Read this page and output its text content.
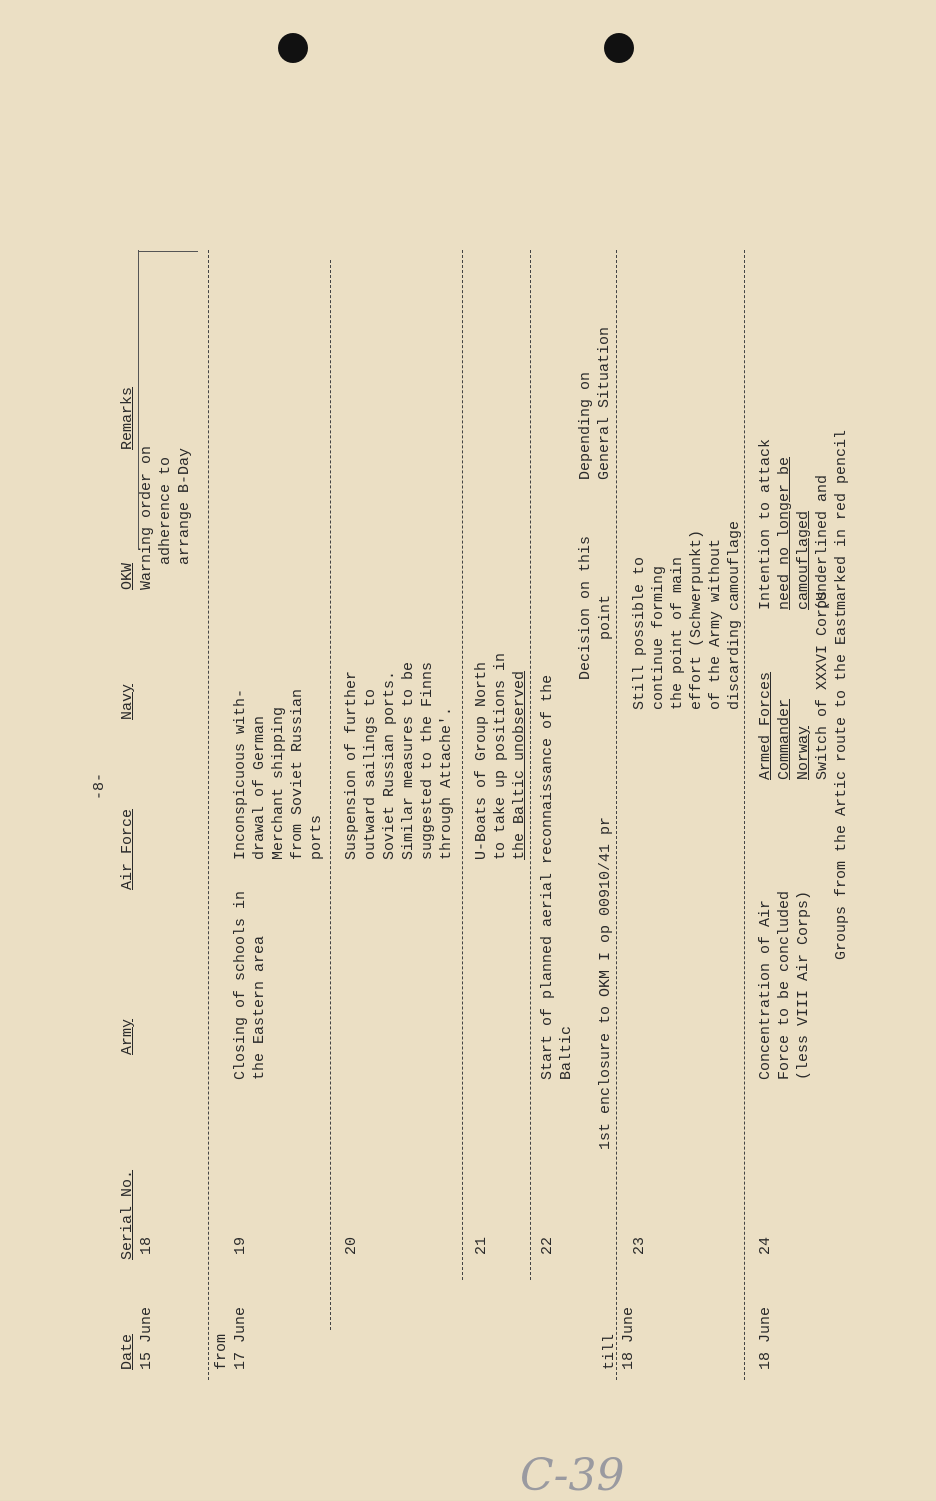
-8-
Date
Serial No.
Army
Air Force
Navy
OKW
Remarks
15 June
18
Warning order on adherence to arrange B-Day
from 17 June
19
Closing of schools in the Eastern area
Inconspicuous with- drawal of German Merchant shipping from Soviet Russian ports
20
Suspension of further outward sailings to Soviet Russian ports. Similar measures to be suggested to the Finns through Attache'.
21
U-Boats of Group North to take up positions in the Baltic unobserved
22
Start of planned aerial reconnaissance of the Baltic
Decision on this
Depending on General Situation
1st enclosure to OKM I op 00910/41 pr
point
till 18 June
23
Still possible to continue forming the point of main effort (Schwerpunkt) of the Army without discarding camouflage
18 June
24
Concentration of Air Force to be concluded (less VIII Air Corps)
Armed Forces Commander Norway Switch of XXXVI Corps Groups from the Artic route to the East
Intention to attack need no longer be camouflaged (Underlined and marked in red pencil
C-39
